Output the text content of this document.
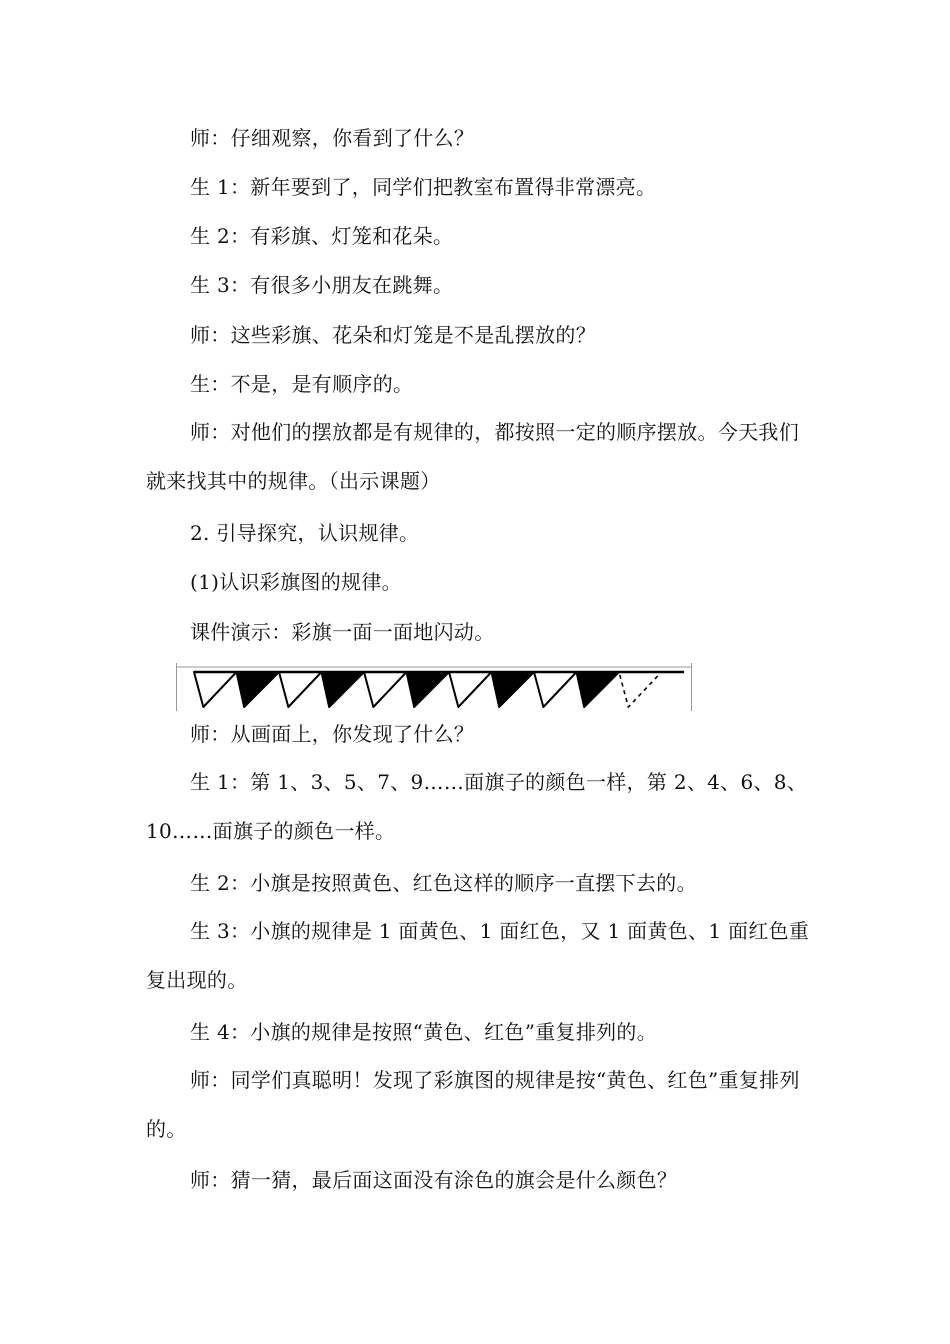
师：仔细观察，你看到了什么？
生 1：新年要到了，同学们把教室布置得非常漂亮。
生 2：有彩旗、灯笼和花朵。
生 3：有很多小朋友在跳舞。
师：这些彩旗、花朵和灯笼是不是乱摆放的？
生：不是，是有顺序的。
师：对他们的摆放都是有规律的，都按照一定的顺序摆放。今天我们就来找其中的规律。（出示课题）
2. 引导探究，认识规律。
(1)认识彩旗图的规律。
课件演示：彩旗一面一面地闪动。
师：从画面上，你发现了什么？
生 1：第 1、3、5、7、9……面旗子的颜色一样，第 2、4、6、8、10……面旗子的颜色一样。
生 2：小旗是按照黄色、红色这样的顺序一直摆下去的。
生 3：小旗的规律是 1 面黄色、1 面红色，又 1 面黄色、1 面红色重复出现的。
生 4：小旗的规律是按照“黄色、红色”重复排列的。
师：同学们真聪明！发现了彩旗图的规律是按“黄色、红色”重复排列的。
师：猜一猜，最后面这面没有涂色的旗会是什么颜色？
